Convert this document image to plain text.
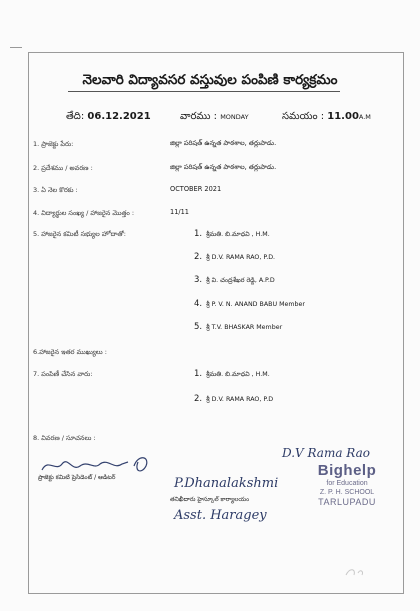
నెలవారి విద్యావసర వస్తువుల పంపిణి కార్యక్రమం
తేది: 06.12.2021	వారము : MONDAY	సమయం : 11.00A.M
1. ప్రాజెక్టు పేరు:	జిల్లా పరిషత్ ఉన్నత పాఠశాల, తర్లుపాడు.
2. ప్రదేశము / అవరణ :	జిల్లా పరిషత్ ఉన్నత పాఠశాల, తర్లుపాడు.
3. ఏ నెల కొరకు :	OCTOBER 2021
4. విద్యార్థుల సంఖ్య / హాజరైన మొత్తం :	11/11
5. హాజరైన కమిటీ సభ్యుల హోదాతో:	1. శ్రీమతి. బి.మాధవి , H.M.
2. శ్రీ D.V. RAMA RAO, P.D.
3. శ్రీ వి. చంద్రశేఖర రెడ్డి, A.P.D
4. శ్రీ P. V. N. ANAND BABU Member
5. శ్రీ T.V. BHASKAR Member
6.హాజరైన ఇతర ముఖ్యులు :
7. పంపిణీ చేసిన వారు:	1. శ్రీమతి. బి.మాధవి , H.M.
2. శ్రీ D.V. RAMA RAO, P.D
8. వివరణ / సూచనలు :
ప్రాజెక్టు కమిటి ప్రెసిడెంట్ / ఆడిటర్	P.Dhanalakshmi
తనిఖీదారు హైస్కూల్ కార్యాలయం
Asst. Haragey
D.V Rama Rao
Bighelp
for Education
Z. P. H. SCHOOL
TARLUPADU
